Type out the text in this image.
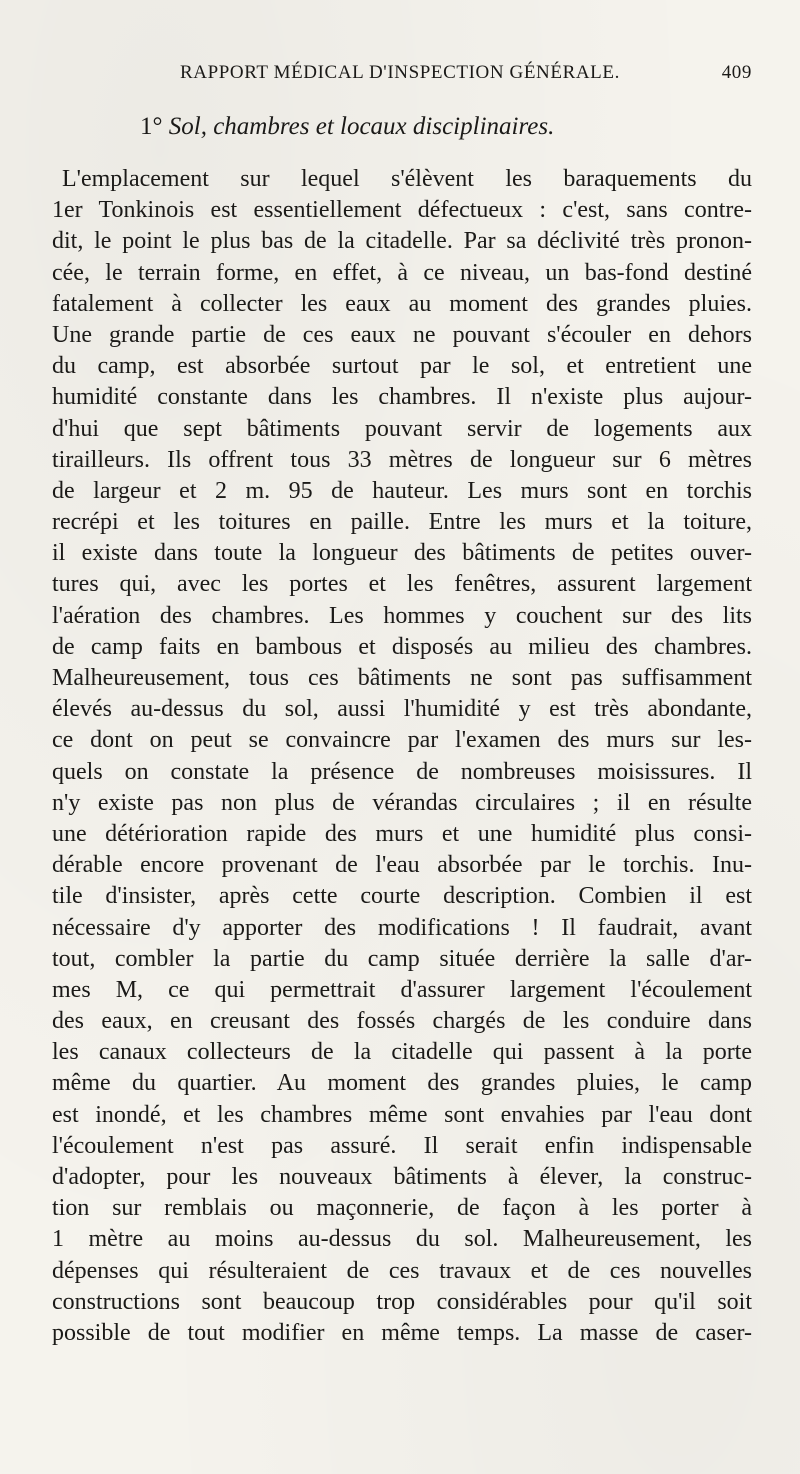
RAPPORT MÉDICAL D'INSPECTION GÉNÉRALE.	409
1° Sol, chambres et locaux disciplinaires.
L'emplacement sur lequel s'élèvent les baraquements du
1er Tonkinois est essentiellement défectueux : c'est, sans contre-
dit, le point le plus bas de la citadelle. Par sa déclivité très pronon-
cée, le terrain forme, en effet, à ce niveau, un bas-fond destiné
fatalement à collecter les eaux au moment des grandes pluies.
Une grande partie de ces eaux ne pouvant s'écouler en dehors
du camp, est absorbée surtout par le sol, et entretient une
humidité constante dans les chambres. Il n'existe plus aujour-
d'hui que sept bâtiments pouvant servir de logements aux
tirailleurs. Ils offrent tous 33 mètres de longueur sur 6 mètres
de largeur et 2 m. 95 de hauteur. Les murs sont en torchis
recrépi et les toitures en paille. Entre les murs et la toiture,
il existe dans toute la longueur des bâtiments de petites ouver-
tures qui, avec les portes et les fenêtres, assurent largement
l'aération des chambres. Les hommes y couchent sur des lits
de camp faits en bambous et disposés au milieu des chambres.
Malheureusement, tous ces bâtiments ne sont pas suffisamment
élevés au-dessus du sol, aussi l'humidité y est très abondante,
ce dont on peut se convaincre par l'examen des murs sur les-
quels on constate la présence de nombreuses moisissures. Il
n'y existe pas non plus de vérandas circulaires ; il en résulte
une détérioration rapide des murs et une humidité plus consi-
dérable encore provenant de l'eau absorbée par le torchis. Inu-
tile d'insister, après cette courte description. Combien il est
nécessaire d'y apporter des modifications ! Il faudrait, avant
tout, combler la partie du camp située derrière la salle d'ar-
mes M, ce qui permettrait d'assurer largement l'écoulement
des eaux, en creusant des fossés chargés de les conduire dans
les canaux collecteurs de la citadelle qui passent à la porte
même du quartier. Au moment des grandes pluies, le camp
est inondé, et les chambres même sont envahies par l'eau dont
l'écoulement n'est pas assuré. Il serait enfin indispensable
d'adopter, pour les nouveaux bâtiments à élever, la construc-
tion sur remblais ou maçonnerie, de façon à les porter à
1 mètre au moins au-dessus du sol. Malheureusement, les
dépenses qui résulteraient de ces travaux et de ces nouvelles
constructions sont beaucoup trop considérables pour qu'il soit
possible de tout modifier en même temps. La masse de caser-
